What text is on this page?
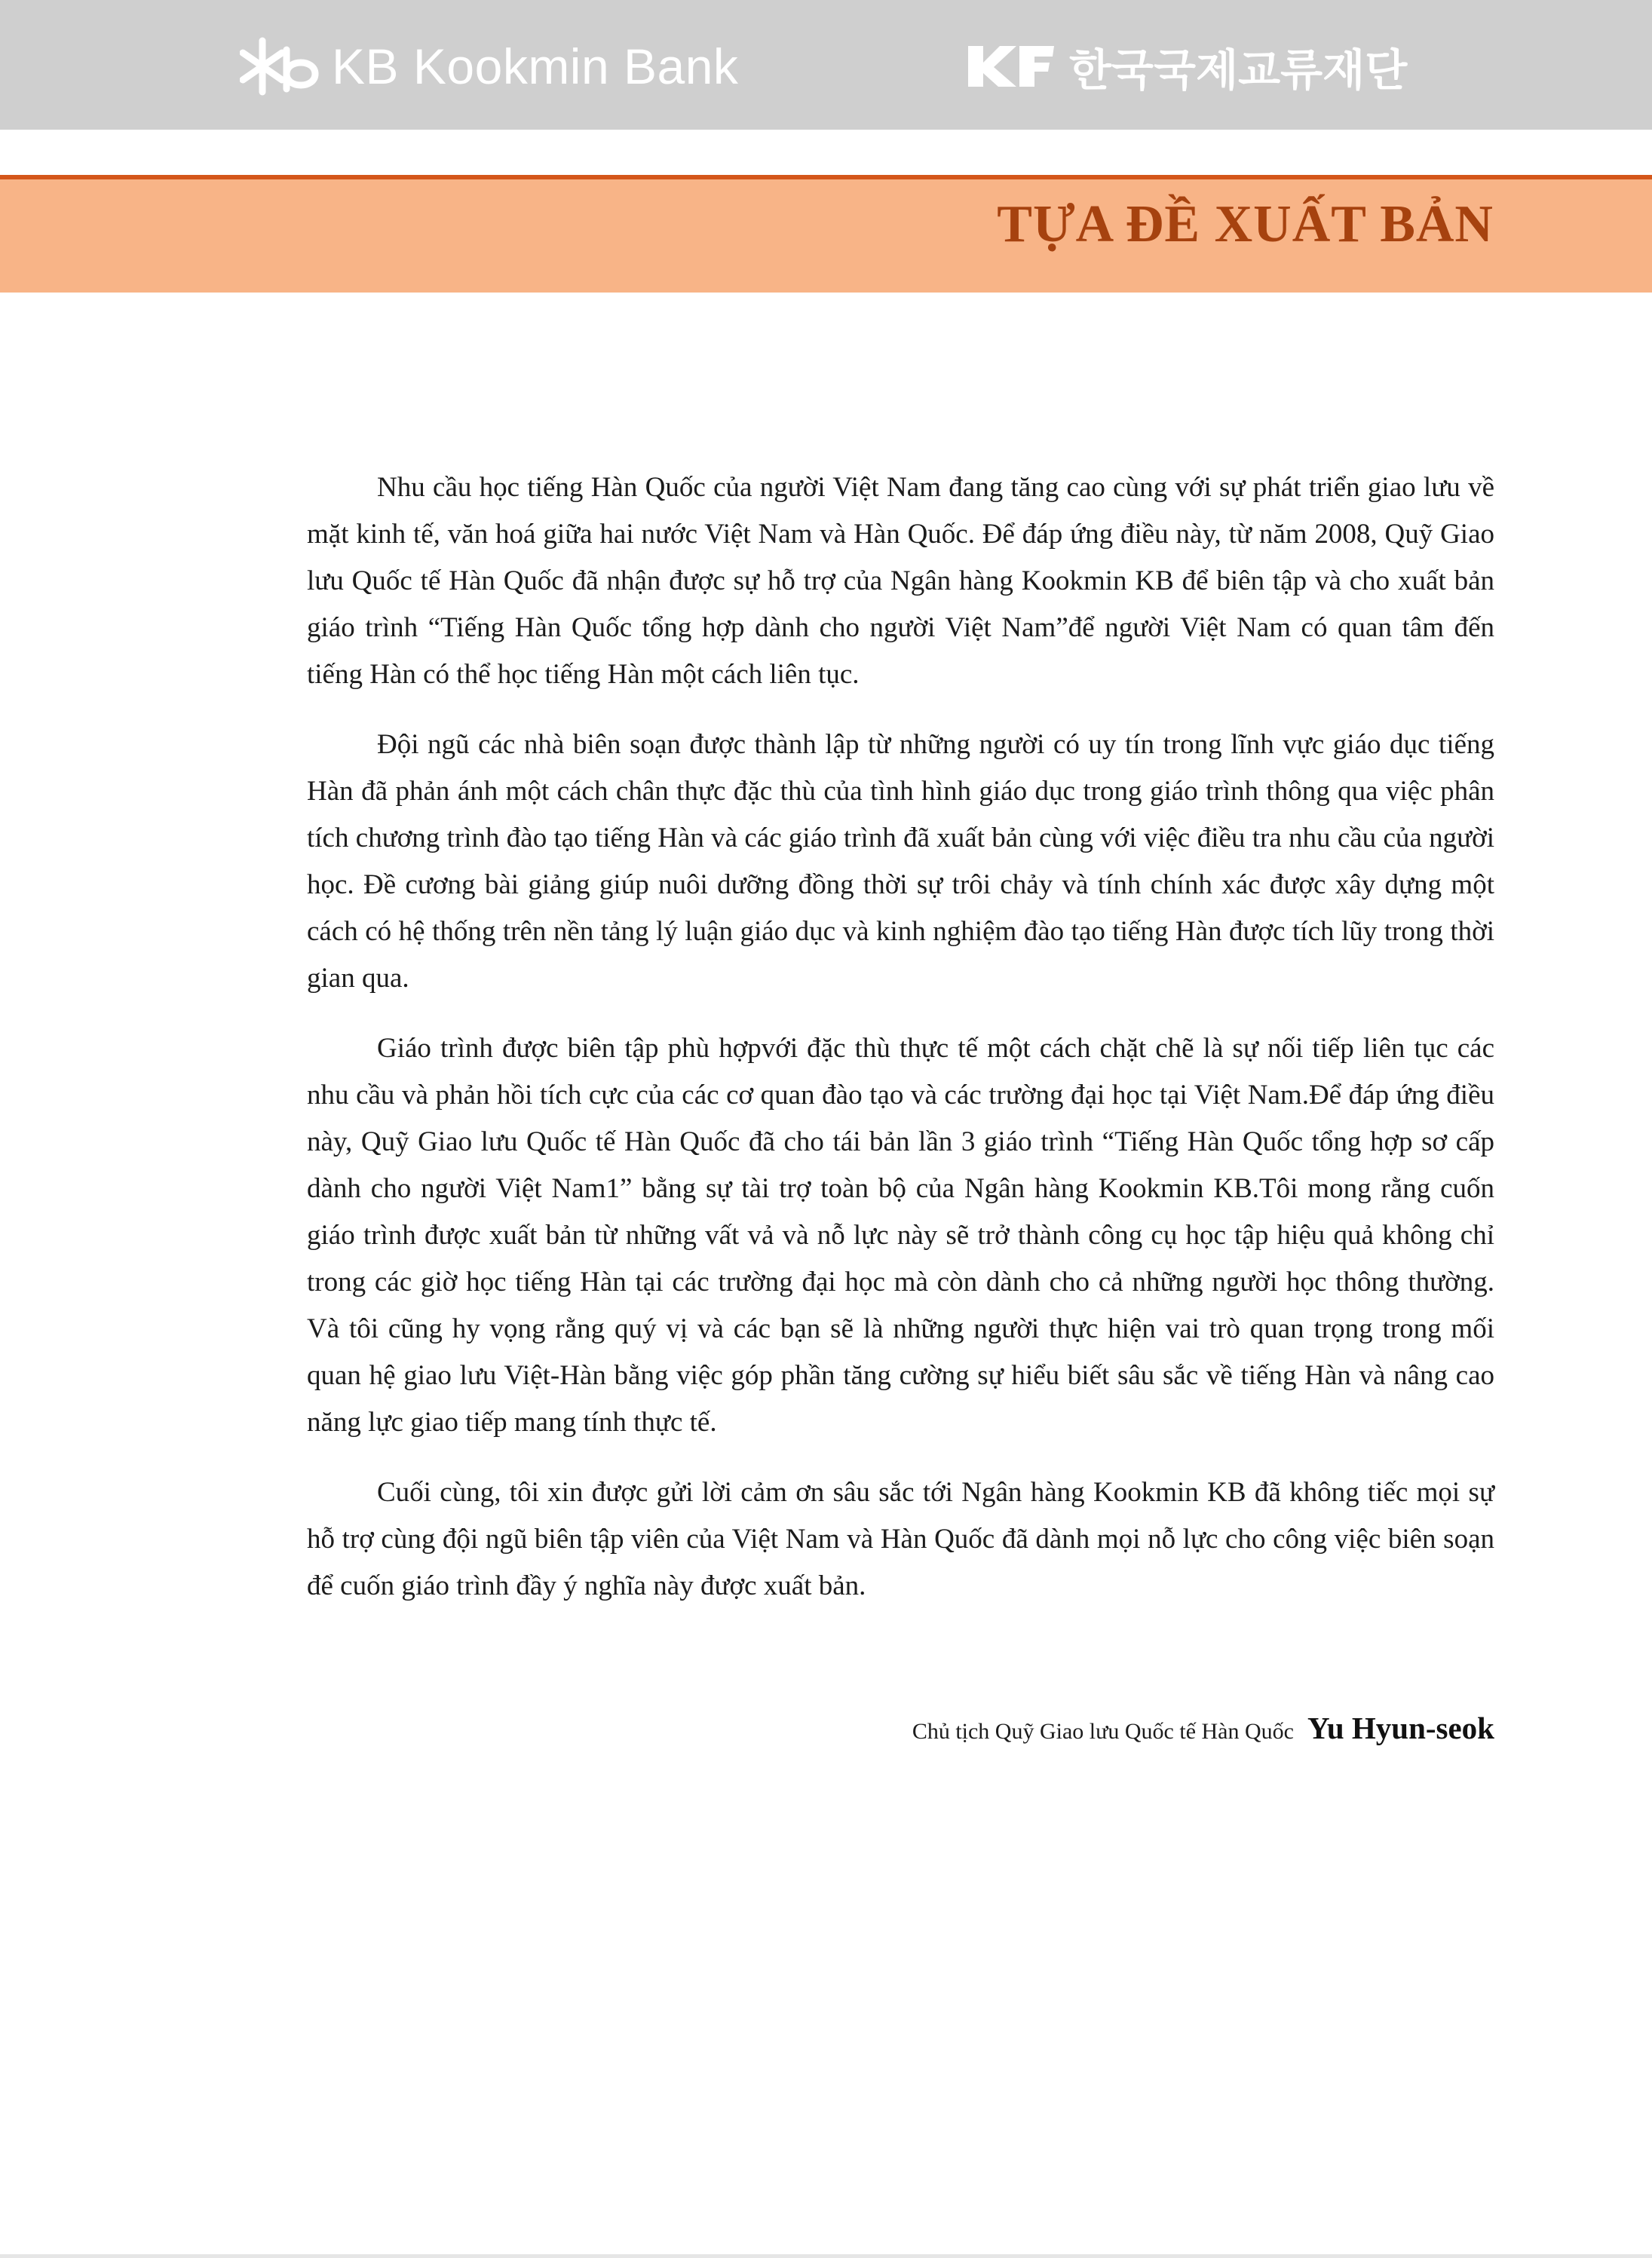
KB Kookmin Bank	한국국제교류재단
TỰA ĐỀ XUẤT BẢN

Nhu cầu học tiếng Hàn Quốc của người Việt Nam đang tăng cao cùng với sự phát triển giao lưu về mặt kinh tế, văn hoá giữa hai nước Việt Nam và Hàn Quốc. Để đáp ứng điều này, từ năm 2008, Quỹ Giao lưu Quốc tế Hàn Quốc đã nhận được sự hỗ trợ của Ngân hàng Kookmin KB để biên tập và cho xuất bản giáo trình “Tiếng Hàn Quốc tổng hợp dành cho người Việt Nam”để người Việt Nam có quan tâm đến tiếng Hàn có thể học tiếng Hàn một cách liên tục.

Đội ngũ các nhà biên soạn được thành lập từ những người có uy tín trong lĩnh vực giáo dục tiếng Hàn đã phản ánh một cách chân thực đặc thù của tình hình giáo dục trong giáo trình thông qua việc phân tích chương trình đào tạo tiếng Hàn và các giáo trình đã xuất bản cùng với việc điều tra nhu cầu của người học. Đề cương bài giảng giúp nuôi dưỡng đồng thời sự trôi chảy và tính chính xác được xây dựng một cách có hệ thống trên nền tảng lý luận giáo dục và kinh nghiệm đào tạo tiếng Hàn được tích lũy trong thời gian qua.

Giáo trình được biên tập phù hợpvới đặc thù thực tế một cách chặt chẽ là sự nối tiếp liên tục các nhu cầu và phản hồi tích cực của các cơ quan đào tạo và các trường đại học tại Việt Nam.Để đáp ứng điều này, Quỹ Giao lưu Quốc tế Hàn Quốc đã cho tái bản lần 3 giáo trình “Tiếng Hàn Quốc tổng hợp sơ cấp dành cho người Việt Nam1” bằng sự tài trợ toàn bộ của Ngân hàng Kookmin KB.Tôi mong rằng cuốn giáo trình được xuất bản từ những vất vả và nỗ lực này sẽ trở thành công cụ học tập hiệu quả không chỉ trong các giờ học tiếng Hàn tại các trường đại học mà còn dành cho cả những người học thông thường. Và tôi cũng hy vọng rằng quý vị và các bạn sẽ là những người thực hiện vai trò quan trọng trong mối quan hệ giao lưu Việt-Hàn bằng việc góp phần tăng cường sự hiểu biết sâu sắc về tiếng Hàn và nâng cao năng lực giao tiếp mang tính thực tế.

Cuối cùng, tôi xin được gửi lời cảm ơn sâu sắc tới Ngân hàng Kookmin KB đã không tiếc mọi sự hỗ trợ cùng đội ngũ biên tập viên của Việt Nam và Hàn Quốc đã dành mọi nỗ lực cho công việc biên soạn để cuốn giáo trình đầy ý nghĩa này được xuất bản.

Chủ tịch Quỹ Giao lưu Quốc tế Hàn Quốc Yu Hyun-seok
